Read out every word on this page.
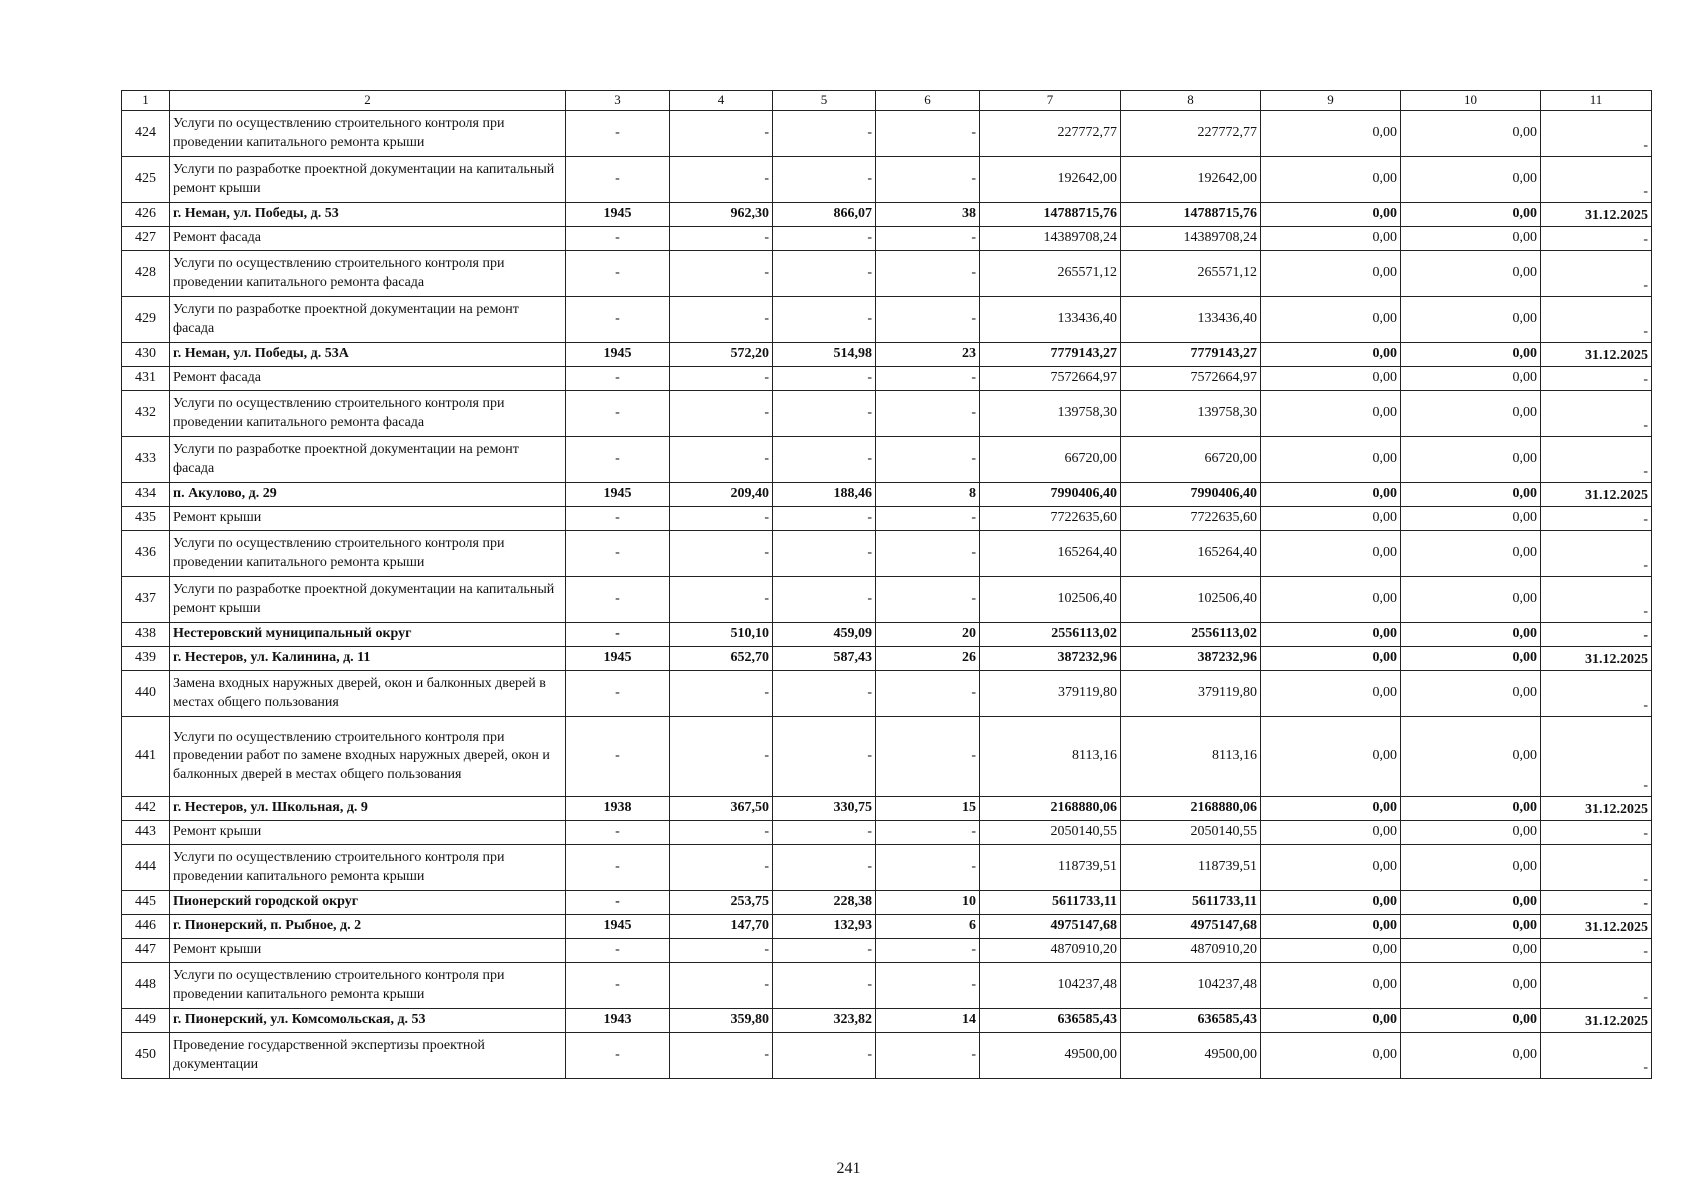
1	2	3	4	5	6	7	8	9	10	11
424	Услуги по осуществлению строительного контроля при проведении капитального ремонта крыши	-	-	-	-	227772,77	227772,77	0,00	0,00	-
425	Услуги по разработке проектной документации на капитальный ремонт крыши	-	-	-	-	192642,00	192642,00	0,00	0,00	-
426	г. Неман, ул. Победы, д. 53	1945	962,30	866,07	38	14788715,76	14788715,76	0,00	0,00	31.12.2025
427	Ремонт фасада	-	-	-	-	14389708,24	14389708,24	0,00	0,00	-
428	Услуги по осуществлению строительного контроля при проведении капитального ремонта фасада	-	-	-	-	265571,12	265571,12	0,00	0,00	-
429	Услуги по разработке проектной документации на ремонт фасада	-	-	-	-	133436,40	133436,40	0,00	0,00	-
430	г. Неман, ул. Победы, д. 53А	1945	572,20	514,98	23	7779143,27	7779143,27	0,00	0,00	31.12.2025
431	Ремонт фасада	-	-	-	-	7572664,97	7572664,97	0,00	0,00	-
432	Услуги по осуществлению строительного контроля при проведении капитального ремонта фасада	-	-	-	-	139758,30	139758,30	0,00	0,00	-
433	Услуги по разработке проектной документации на ремонт фасада	-	-	-	-	66720,00	66720,00	0,00	0,00	-
434	п. Акулово, д. 29	1945	209,40	188,46	8	7990406,40	7990406,40	0,00	0,00	31.12.2025
435	Ремонт крыши	-	-	-	-	7722635,60	7722635,60	0,00	0,00	-
436	Услуги по осуществлению строительного контроля при проведении капитального ремонта крыши	-	-	-	-	165264,40	165264,40	0,00	0,00	-
437	Услуги по разработке проектной документации на капитальный ремонт крыши	-	-	-	-	102506,40	102506,40	0,00	0,00	-
438	Нестеровский муниципальный округ	-	510,10	459,09	20	2556113,02	2556113,02	0,00	0,00	-
439	г. Нестеров, ул. Калинина, д. 11	1945	652,70	587,43	26	387232,96	387232,96	0,00	0,00	31.12.2025
440	Замена входных наружных дверей, окон и балконных дверей в местах общего пользования	-	-	-	-	379119,80	379119,80	0,00	0,00	-
441	Услуги по осуществлению строительного контроля при проведении работ по замене входных наружных дверей, окон и балконных дверей в местах общего пользования	-	-	-	-	8113,16	8113,16	0,00	0,00	-
442	г. Нестеров, ул. Школьная, д. 9	1938	367,50	330,75	15	2168880,06	2168880,06	0,00	0,00	31.12.2025
443	Ремонт крыши	-	-	-	-	2050140,55	2050140,55	0,00	0,00	-
444	Услуги по осуществлению строительного контроля при проведении капитального ремонта крыши	-	-	-	-	118739,51	118739,51	0,00	0,00	-
445	Пионерский городской округ	-	253,75	228,38	10	5611733,11	5611733,11	0,00	0,00	-
446	г. Пионерский, п. Рыбное, д. 2	1945	147,70	132,93	6	4975147,68	4975147,68	0,00	0,00	31.12.2025
447	Ремонт крыши	-	-	-	-	4870910,20	4870910,20	0,00	0,00	-
448	Услуги по осуществлению строительного контроля при проведении капитального ремонта крыши	-	-	-	-	104237,48	104237,48	0,00	0,00	-
449	г. Пионерский, ул. Комсомольская, д. 53	1943	359,80	323,82	14	636585,43	636585,43	0,00	0,00	31.12.2025
450	Проведение государственной экспертизы проектной документации	-	-	-	-	49500,00	49500,00	0,00	0,00	-
241
